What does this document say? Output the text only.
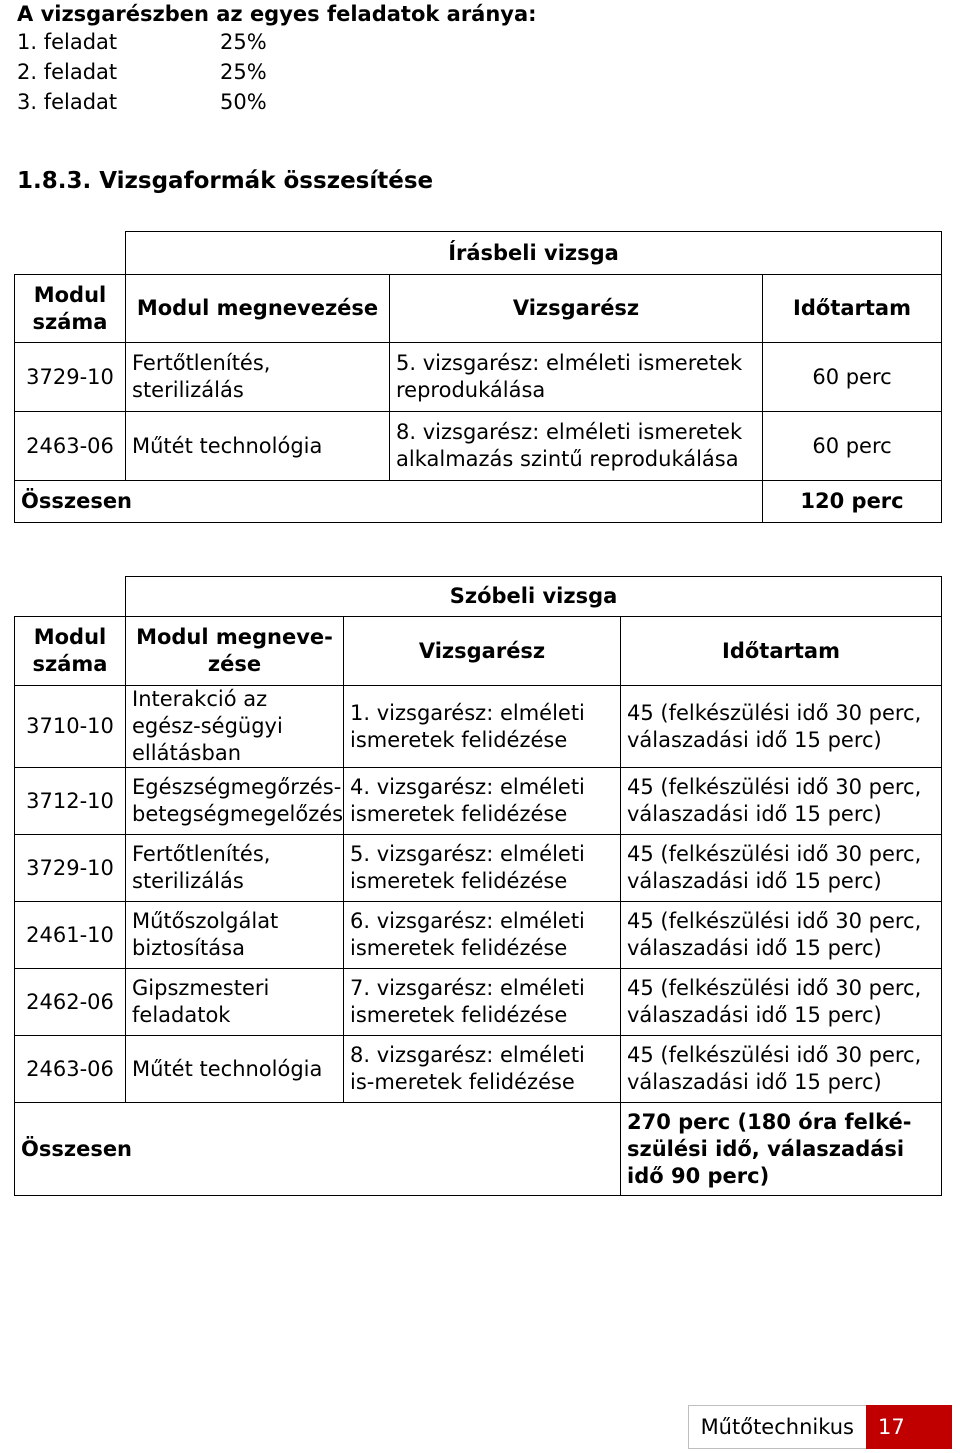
A vizsgarészben az egyes feladatok aránya:
1. feladat	25%
2. feladat	25%
3. feladat	50%
1.8.3. Vizsgaformák összesítése
	Írásbeli vizsga		
Modul száma	Modul megnevezése	Vizsgarész	Időtartam
3729-10	Fertőtlenítés, sterilizálás	5. vizsgarész: elméleti ismeretek reprodukálása	60 perc
2463-06	Műtét technológia	8. vizsgarész: elméleti ismeretek alkalmazás szintű reprodukálása	60 perc
Összesen			120 perc
	Szóbeli vizsga		
Modul száma	Modul megneve-zése	Vizsgarész	Időtartam
3710-10	Interakció az egész-ségügyi ellátásban	1. vizsgarész: elméleti ismeretek felidézése	45 (felkészülési idő 30 perc, válaszadási idő 15 perc)
3712-10	Egészségmegőrzés-betegségmegelőzés	4. vizsgarész: elméleti ismeretek felidézése	45 (felkészülési idő 30 perc, válaszadási idő 15 perc)
3729-10	Fertőtlenítés, sterilizálás	5. vizsgarész: elméleti ismeretek felidézése	45 (felkészülési idő 30 perc, válaszadási idő 15 perc)
2461-10	Műtőszolgálat biztosítása	6. vizsgarész: elméleti ismeretek felidézése	45 (felkészülési idő 30 perc, válaszadási idő 15 perc)
2462-06	Gipszmesteri feladatok	7. vizsgarész: elméleti ismeretek felidézése	45 (felkészülési idő 30 perc, válaszadási idő 15 perc)
2463-06	Műtét technológia	8. vizsgarész: elméleti is-meretek felidézése	45 (felkészülési idő 30 perc, válaszadási idő 15 perc)
Összesen			270 perc (180 óra felké-szülési idő, válaszadási idő 90 perc)
Műtőtechnikus	17
